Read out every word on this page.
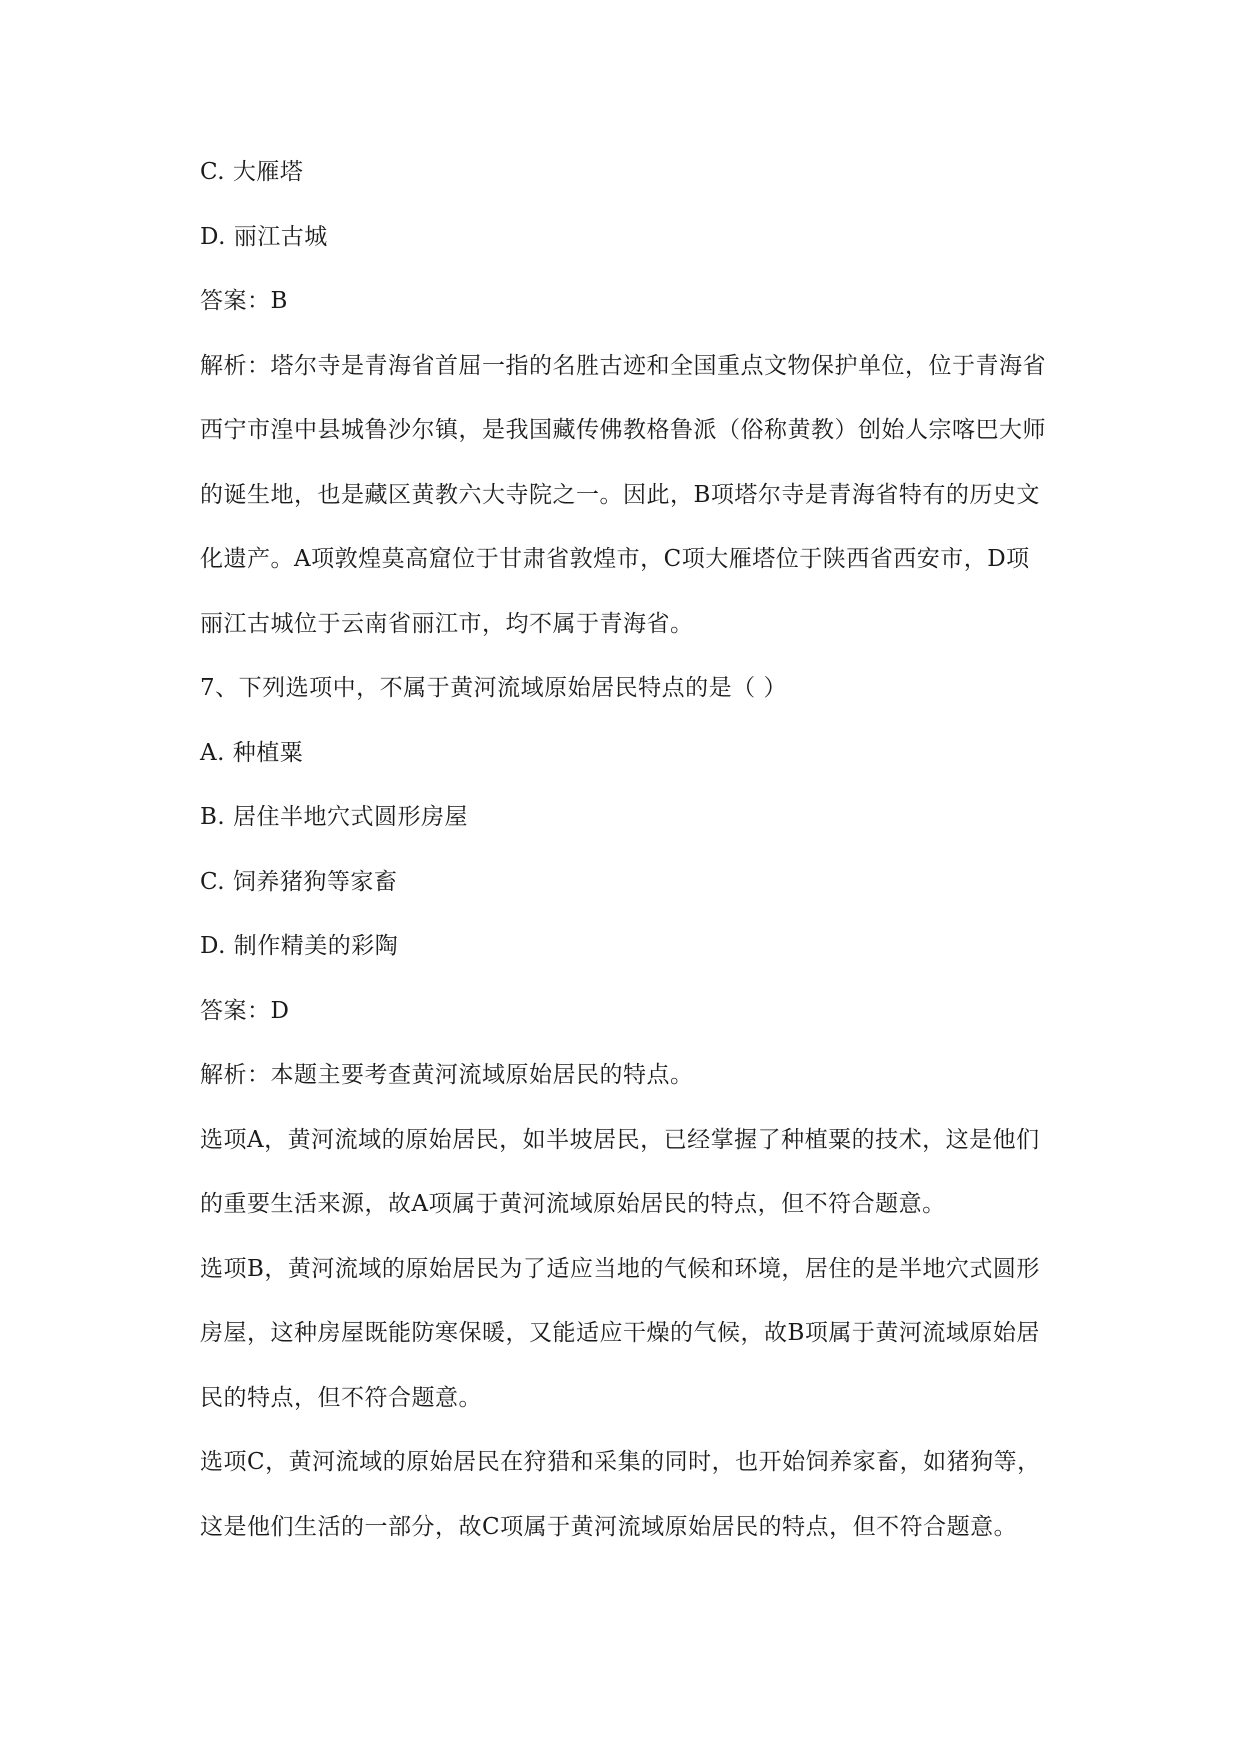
C. 大雁塔
D. 丽江古城
答案：B
解析：塔尔寺是青海省首屈一指的名胜古迹和全国重点文物保护单位，位于青海省
西宁市湟中县城鲁沙尔镇，是我国藏传佛教格鲁派（俗称黄教）创始人宗喀巴大师
的诞生地，也是藏区黄教六大寺院之一。因此，B项塔尔寺是青海省特有的历史文
化遗产。A项敦煌莫高窟位于甘肃省敦煌市，C项大雁塔位于陕西省西安市，D项
丽江古城位于云南省丽江市，均不属于青海省。
7、下列选项中，不属于黄河流域原始居民特点的是（ ）
A. 种植粟
B. 居住半地穴式圆形房屋
C. 饲养猪狗等家畜
D. 制作精美的彩陶
答案：D
解析：本题主要考查黄河流域原始居民的特点。
选项A，黄河流域的原始居民，如半坡居民，已经掌握了种植粟的技术，这是他们
的重要生活来源，故A项属于黄河流域原始居民的特点，但不符合题意。
选项B，黄河流域的原始居民为了适应当地的气候和环境，居住的是半地穴式圆形
房屋，这种房屋既能防寒保暖，又能适应干燥的气候，故B项属于黄河流域原始居
民的特点，但不符合题意。
选项C，黄河流域的原始居民在狩猎和采集的同时，也开始饲养家畜，如猪狗等，
这是他们生活的一部分，故C项属于黄河流域原始居民的特点，但不符合题意。
